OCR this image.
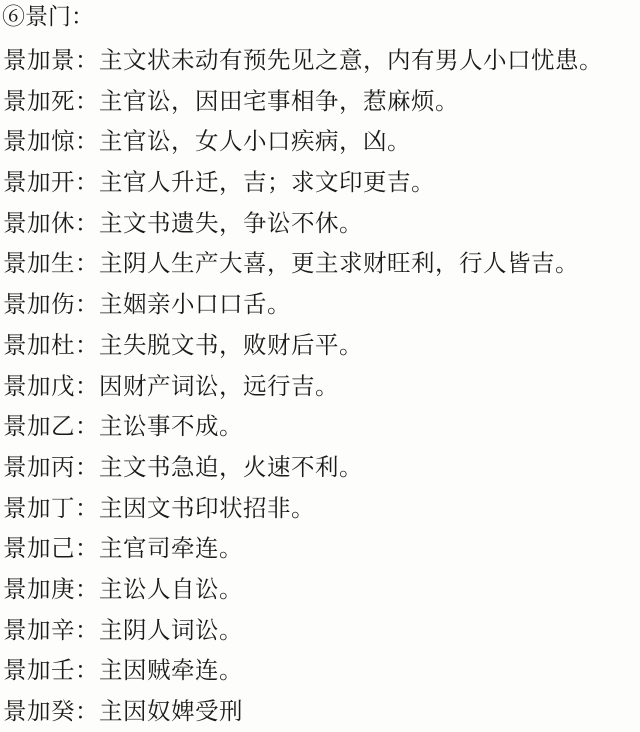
⑥景门：
景加景：主文状未动有预先见之意，内有男人小口忧患。
景加死：主官讼，因田宅事相争，惹麻烦。
景加惊：主官讼，女人小口疾病，凶。
景加开：主官人升迁，吉；求文印更吉。
景加休：主文书遗失，争讼不休。
景加生：主阴人生产大喜，更主求财旺利，行人皆吉。
景加伤：主姻亲小口口舌。
景加杜：主失脱文书，败财后平。
景加戊：因财产词讼，远行吉。
景加乙：主讼事不成。
景加丙：主文书急迫，火速不利。
景加丁：主因文书印状招非。
景加己：主官司牵连。
景加庚：主讼人自讼。
景加辛：主阴人词讼。
景加壬：主因贼牵连。
景加癸：主因奴婢受刑
